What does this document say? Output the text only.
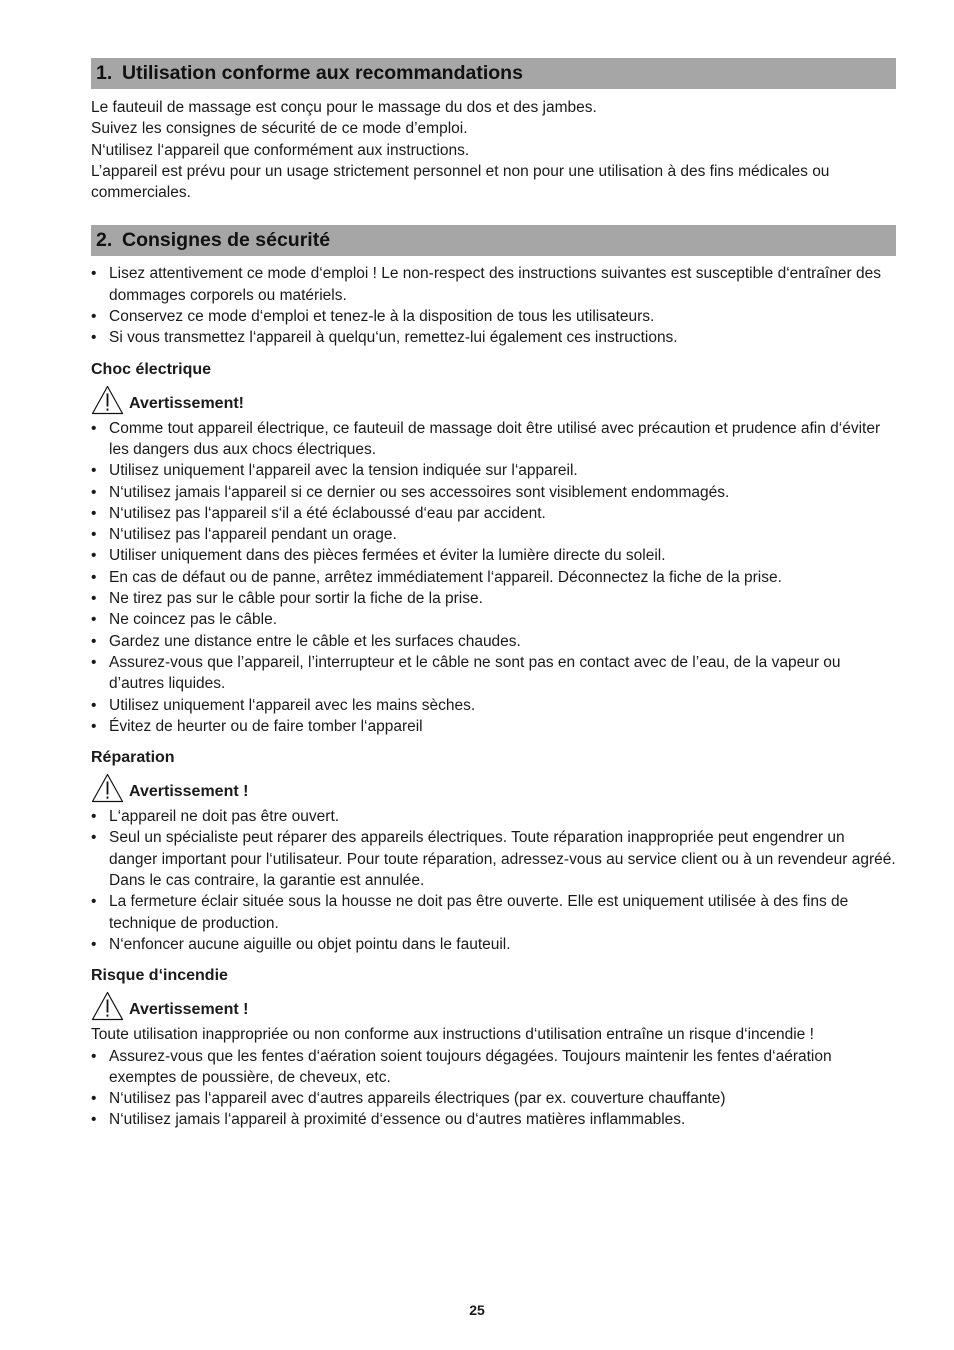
1. Utilisation conforme aux recommandations

Le fauteuil de massage est conçu pour le massage du dos et des jambes.

Suivez les consignes de sécurité de ce mode d’emploi.

N‘utilisez l‘appareil que conformément aux instructions.

L’appareil est prévu pour un usage strictement personnel et non pour une utilisation à des fins médicales ou commerciales.

2. Consignes de sécurité
• Lisez attentivement ce mode d‘emploi ! Le non-respect des instructions suivantes est susceptible d‘entraîner des dommages corporels ou matériels.
• Conservez ce mode d‘emploi et tenez-le à la disposition de tous les utilisateurs.
• Si vous transmettez l‘appareil à quelqu‘un, remettez-lui également ces instructions.

Choc électrique

Avertissement!
• Comme tout appareil électrique, ce fauteuil de massage doit être utilisé avec précaution et prudence afin d‘éviter les dangers dus aux chocs électriques.
• Utilisez uniquement l‘appareil avec la tension indiquée sur l‘appareil.
• N‘utilisez jamais l‘appareil si ce dernier ou ses accessoires sont visiblement endommagés.
• N‘utilisez pas l‘appareil s‘il a été éclaboussé d‘eau par accident.
• N‘utilisez pas l‘appareil pendant un orage.
• Utiliser uniquement dans des pièces fermées et éviter la lumière directe du soleil.
• En cas de défaut ou de panne, arrêtez immédiatement l‘appareil. Déconnectez la fiche de la prise.
• Ne tirez pas sur le câble pour sortir la fiche de la prise.
• Ne coincez pas le câble.
• Gardez une distance entre le câble et les surfaces chaudes.
• Assurez-vous que l’appareil, l’interrupteur et le câble ne sont pas en contact avec de l’eau, de la vapeur ou d’autres liquides.
• Utilisez uniquement l‘appareil avec les mains sèches.
• Évitez de heurter ou de faire tomber l‘appareil

Réparation

Avertissement !
• L‘appareil ne doit pas être ouvert.
• Seul un spécialiste peut réparer des appareils électriques. Toute réparation inappropriée peut engendrer un danger important pour l‘utilisateur. Pour toute réparation, adressez-vous au service client ou à un revendeur agréé. Dans le cas contraire, la garantie est annulée.
• La fermeture éclair située sous la housse ne doit pas être ouverte. Elle est uniquement utilisée à des fins de technique de production.
• N‘enfoncer aucune aiguille ou objet pointu dans le fauteuil.

Risque d‘incendie

Avertissement !

Toute utilisation inappropriée ou non conforme aux instructions d‘utilisation entraîne un risque d‘incendie !

• Assurez-vous que les fentes d‘aération soient toujours dégagées. Toujours maintenir les fentes d‘aération exemptes de poussière, de cheveux, etc.
• N‘utilisez pas l‘appareil avec d‘autres appareils électriques (par ex. couverture chauffante)
• N‘utilisez jamais l‘appareil à proximité d‘essence ou d‘autres matières inflammables.
25
